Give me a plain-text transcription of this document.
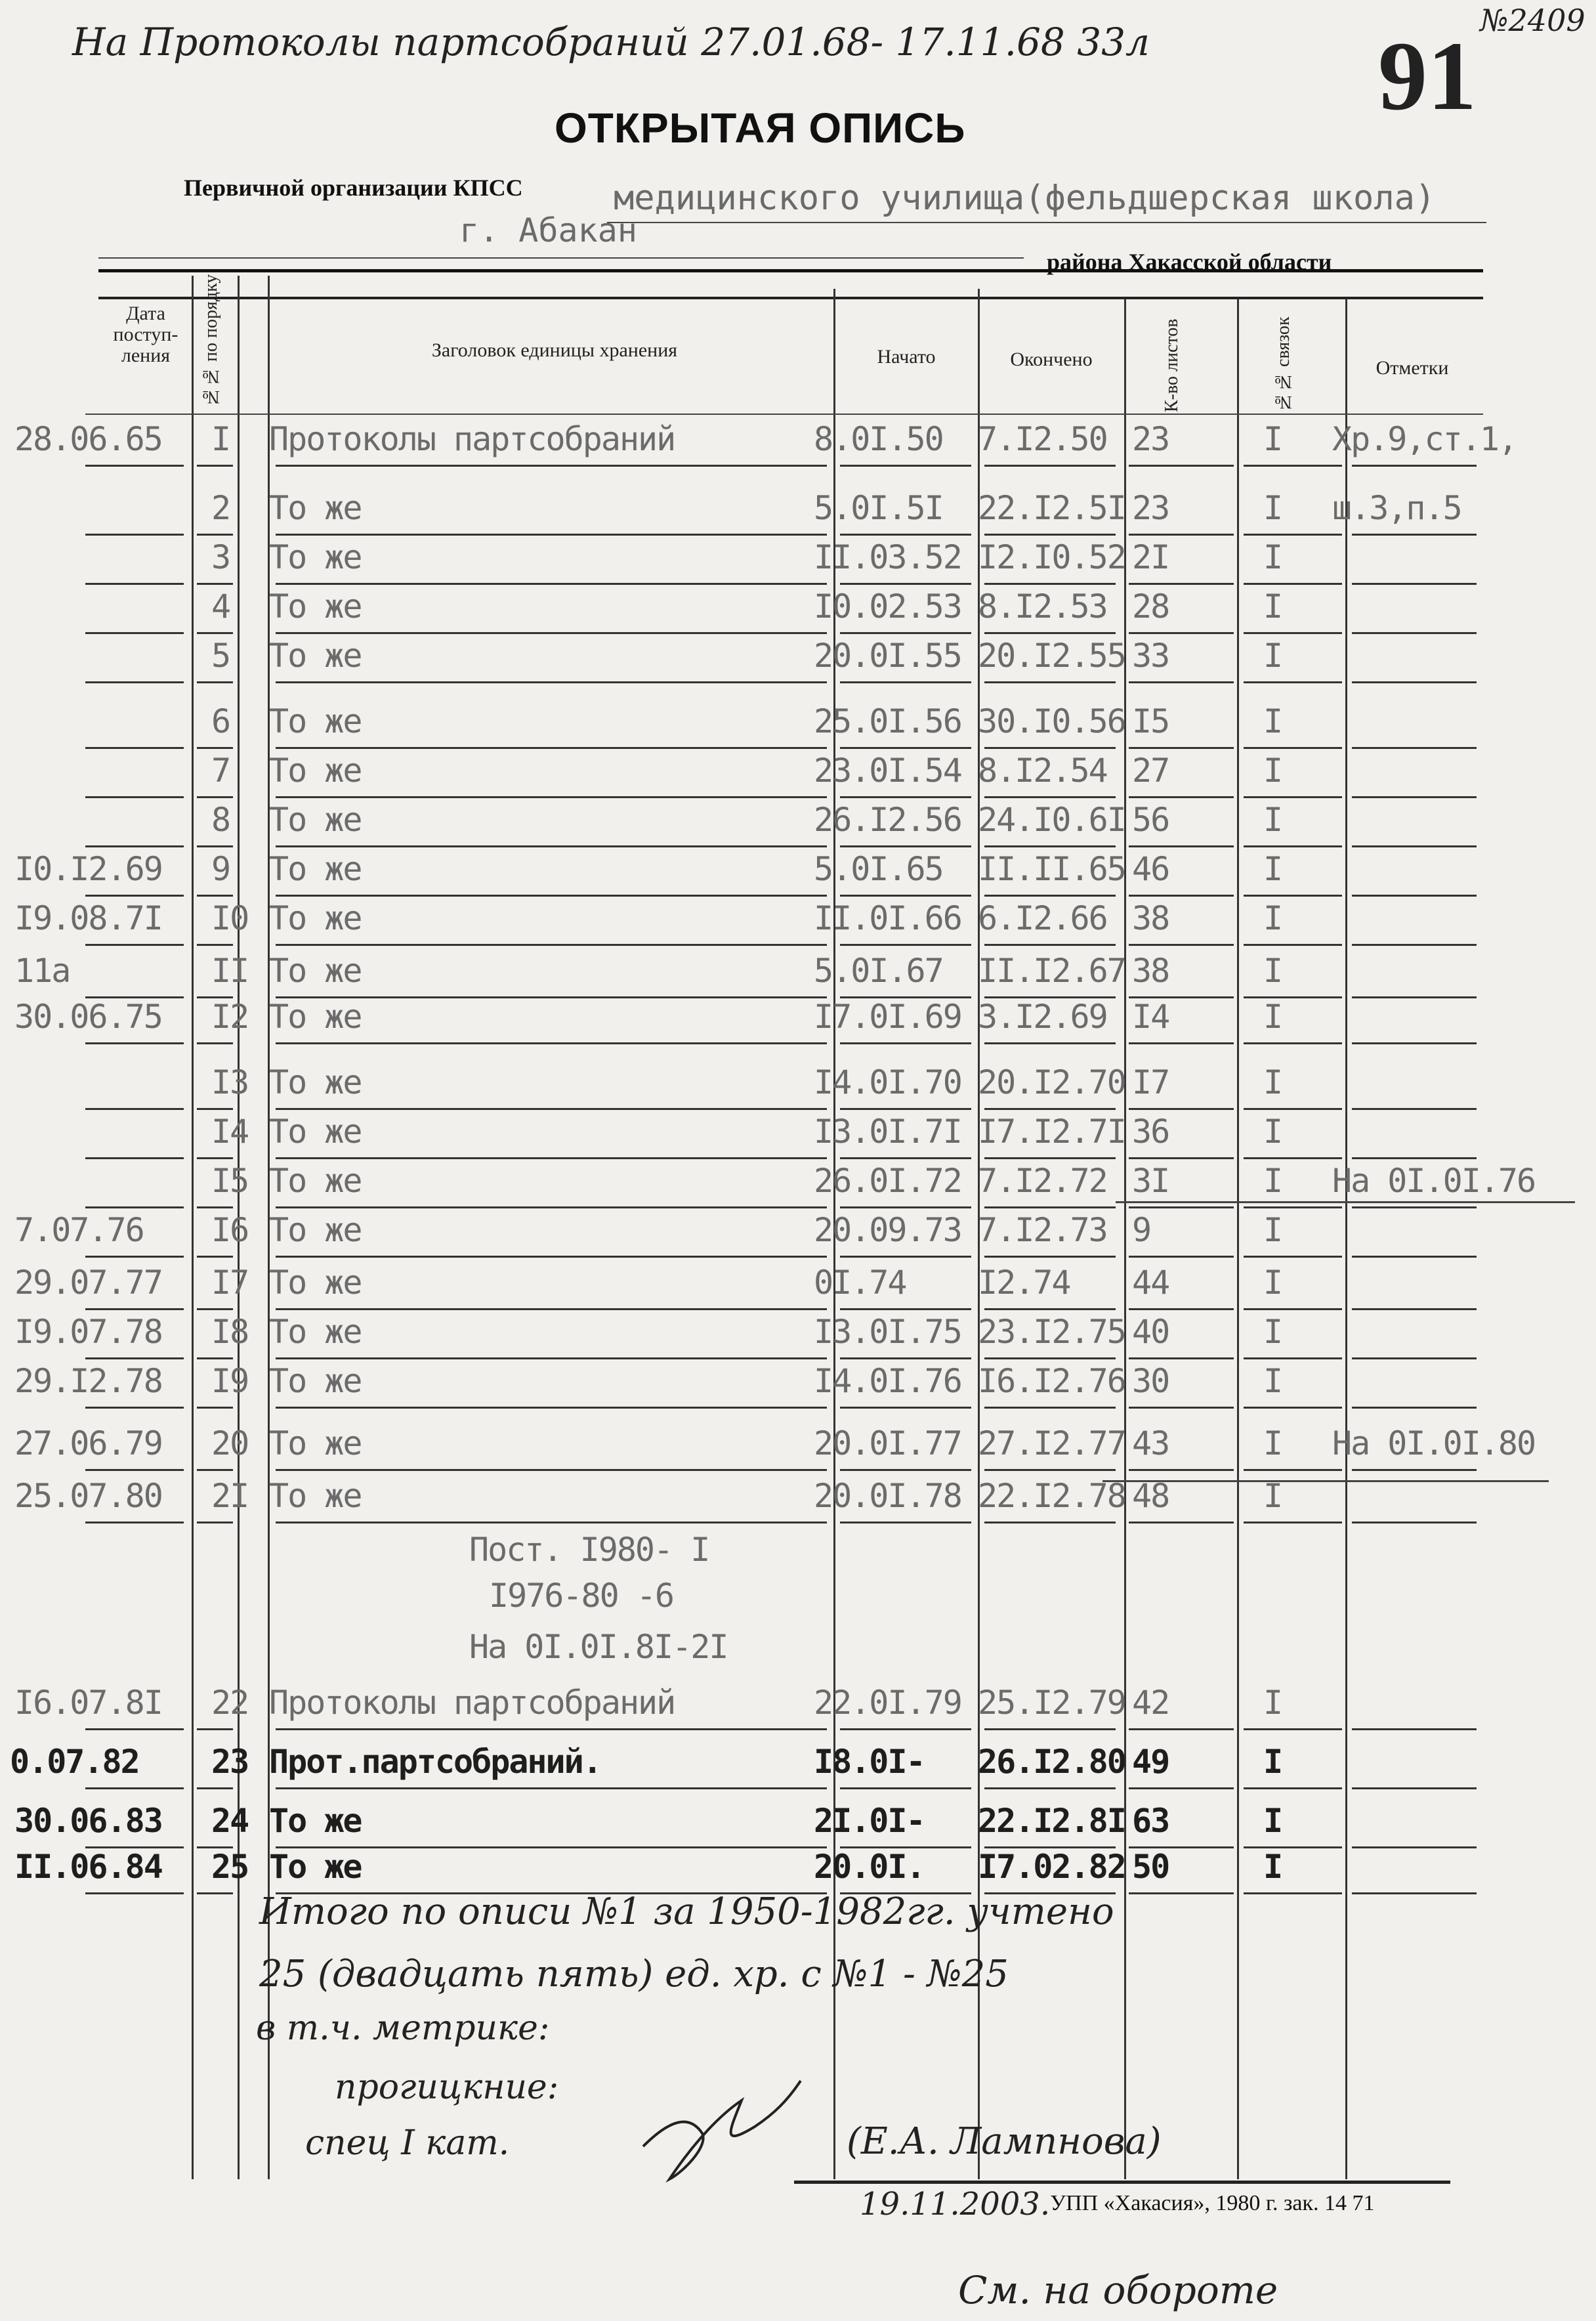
На Протоколы партсобраний 27.01.68- 17.11.68 33л 91
№2409
ОТКРЫТАЯ ОПИСЬ
Первичной организации КПСС	медицинского училища(фельдшерская школа)
г. Абакан
района Хакасской области
Дата поступ-ления	№№ по порядку	Заголовок единицы хранения	Начато	Окончено	К-во листов	№№ связок	Отметки
28.06.65 I Протоколы партсобраний	8.0I.50 7.I2.50 23	I Хр.9,ст.1,
2 То же	5.0I.5I 22.I2.5I 23	I ш.3,п.5
3 То же	II.03.52 I2.I0.52 2I	I
4 То же	I0.02.53 8.I2.53 28	I
5 То же	20.0I.55 20.I2.55 33	I
6 То же	25.0I.56 30.I0.56 I5	I
7 То же	23.0I.54 8.I2.54 27	I
8 То же	26.I2.56 24.I0.6I 56	I
I0.I2.69 9 То же	5.0I.65 II.II.65 46	I
I9.08.7I I0 То же	II.0I.66 6.I2.66 38	I
11а	II То же	5.0I.67 II.I2.67 38	I
30.06.75 I2 То же	I7.0I.69 3.I2.69 I4	I
I3 То же	I4.0I.70 20.I2.70 I7	I
I4 То же	I3.0I.7I I7.I2.7I 36	I
I5 То же	26.0I.72 7.I2.72 3I	I На 0I.0I.76
7.07.76 I6 То же	20.09.73 7.I2.73 9	I
29.07.77 I7 То же	0I.74 I2.74 44	I
I9.07.78 I8 То же	I3.0I.75 23.I2.75 40	I
29.I2.78 I9 То же	I4.0I.76 I6.I2.76 30	I
27.06.79 20 То же	20.0I.77 27.I2.77 43	I На 0I.0I.80
25.07.80 2I То же	20.0I.78 22.I2.78 48	I
I6.07.8I 22 Протоколы партсобраний	22.0I.79 25.I2.79 42	I
0.07.82 23 Прот.партсобраний.	I8.0I- 26.I2.80 49	I
30.06.83 24 То же	2I.0I- 22.I2.8I 63	I
II.06.84 25 То же	20.0I. I7.02.82 50	I
Пост. I980- I
I976-80 -6
На 0I.0I.8I-2I
Итого по описи №1 за 1950-1982гг. учтено
25 (двадцать пять) ед. хр. с №1 - №25
в т.ч. метрике:
прогицкние:
спец I кат.	(Е.А. Лампнова)
19.11.2003.
См. на обороте
УПП «Хакасия», 1980 г. зак. 14 71
